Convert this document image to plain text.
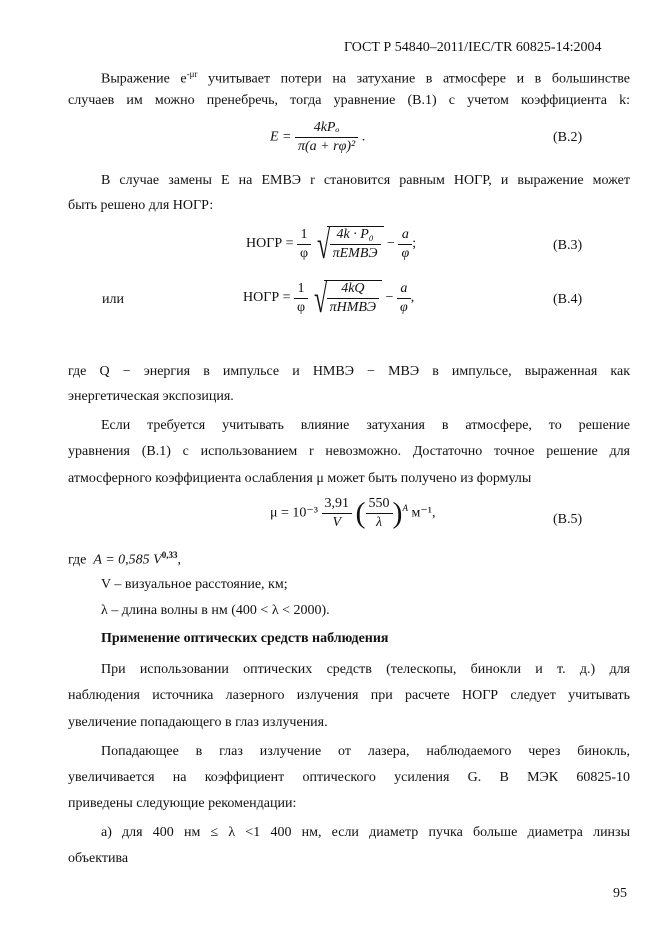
ГОСТ Р 54840–2011/IEC/TR 60825-14:2004
Выражение $e^{-\mu r}$ учитывает потери на затухание в атмосфере и в большинстве
случаев им можно пренебречь, тогда уравнение (В.1) с учетом коэффициента k:
$E = \frac{\text{4kPₒ}}{\text{π(a + rφ)²}}$ .	(В.2)
В случае замены E на EМВЭ r становится равным НОГР, и выражение может
быть решено для НОГР:
НОГР = $\frac{1}{\varphi}$
√ $\frac{\text{4k · P₀}}{\text{πEМВЭ}} - \frac{a}{\varphi}$ ;	(В.3)
или	НОГР = $\frac{1}{\varphi}$
√ $\frac{4kQ}{\text{πHМВЭ}} - \frac{a}{\varphi}$ ,	(В.4)
где Q − энергия в импульсе и HМВЭ − МВЭ в импульсе, выраженная как
энергетическая экспозиция.
Если требуется учитывать влияние затухания в атмосфере, то решение
уравнения (В.1) с использованием r невозможно. Достаточно точное решение для
атмосферного коэффициента ослабления μ может быть получено из формулы
$\mu = 10^{-3} \frac{3,91}{V}$ ( $\frac{550}{\lambda} )^A$ м⁻¹,	(В.5)
где A = 0,585 V$^{0,33}$,
V – визуальное расстояние, км;
λ – длина волны в нм (400 < λ < 2000).
Применение оптических средств наблюдения
При использовании оптических средств (телескопы, бинокли и т. д.) для
наблюдения источника лазерного излучения при расчете НОГР следует учитывать
увеличение попадающего в глаз излучения.
Попадающее в глаз излучение от лазера, наблюдаемого через бинокль,
увеличивается на коэффициент оптического усиления G. В МЭК 60825-10
приведены следующие рекомендации:
а) для 400 нм ≤ λ <1 400 нм, если диаметр пучка больше диаметра линзы
объектива
95
